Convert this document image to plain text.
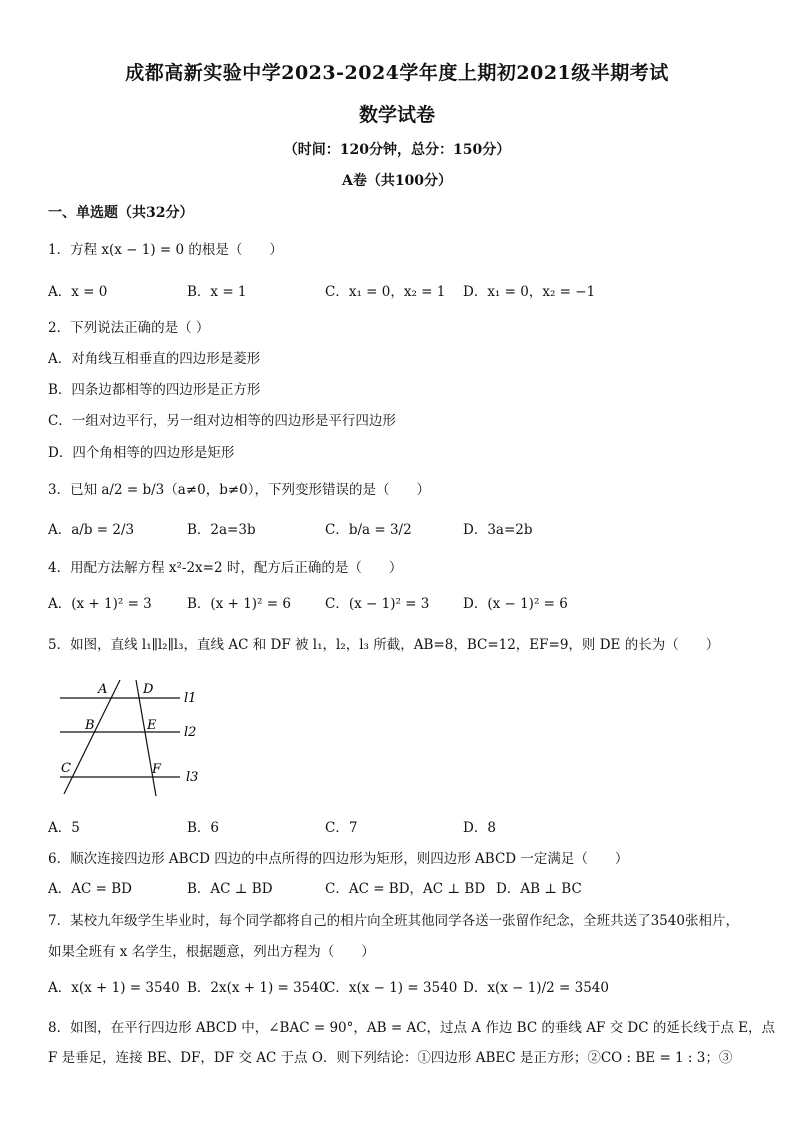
成都高新实验中学2023-2024学年度上期初2021级半期考试
数学试卷
（时间：120分钟，总分：150分）
A卷（共100分）
一、单选题（共32分）
1．方程 x(x − 1) = 0 的根是（　　）
A．x = 0	B．x = 1	C．x₁ = 0，x₂ = 1 D．x₁ = 0，x₂ = −1
2．下列说法正确的是（ ）
A．对角线互相垂直的四边形是菱形
B．四条边都相等的四边形是正方形
C．一组对边平行，另一组对边相等的四边形是平行四边形
D．四个角相等的四边形是矩形
3．已知 a/2 = b/3（a≠0，b≠0），下列变形错误的是（　　）
A．a/b = 2/3	B．2a=3b	C．b/a = 3/2	D．3a=2b
4．用配方法解方程 x²-2x=2 时，配方后正确的是（　　）
A．(x + 1)² = 3	B．(x + 1)² = 6	C．(x − 1)² = 3 D．(x − 1)² = 6
5．如图，直线 l₁∥l₂∥l₃，直线 AC 和 DF 被 l₁，l₂，l₃ 所截，AB=8，BC=12，EF=9，则 DE 的长为（　　）
A
B
C
D
E
F
l1
l2
l3
A．5	B．6	C．7	D．8
6．顺次连接四边形 ABCD 四边的中点所得的四边形为矩形，则四边形 ABCD 一定满足（　　）
A．AC = BD	B．AC ⊥ BD	C．AC = BD，AC ⊥ BD D．AB ⊥ BC
7．某校九年级学生毕业时，每个同学都将自己的相片向全班其他同学各送一张留作纪念，全班共送了3540张相片，
如果全班有 x 名学生，根据题意，列出方程为（　　）
A．x(x + 1) = 3540 B．2x(x + 1) = 3540
C．x(x − 1) = 3540 D．x(x − 1)/2 = 3540
8．如图，在平行四边形 ABCD 中，∠BAC = 90°，AB = AC，过点 A 作边 BC 的垂线 AF 交 DC 的延长线于点 E，点
F 是垂足，连接 BE、DF，DF 交 AC 于点 O．则下列结论：①四边形 ABEC 是正方形；②CO : BE = 1 : 3；③
